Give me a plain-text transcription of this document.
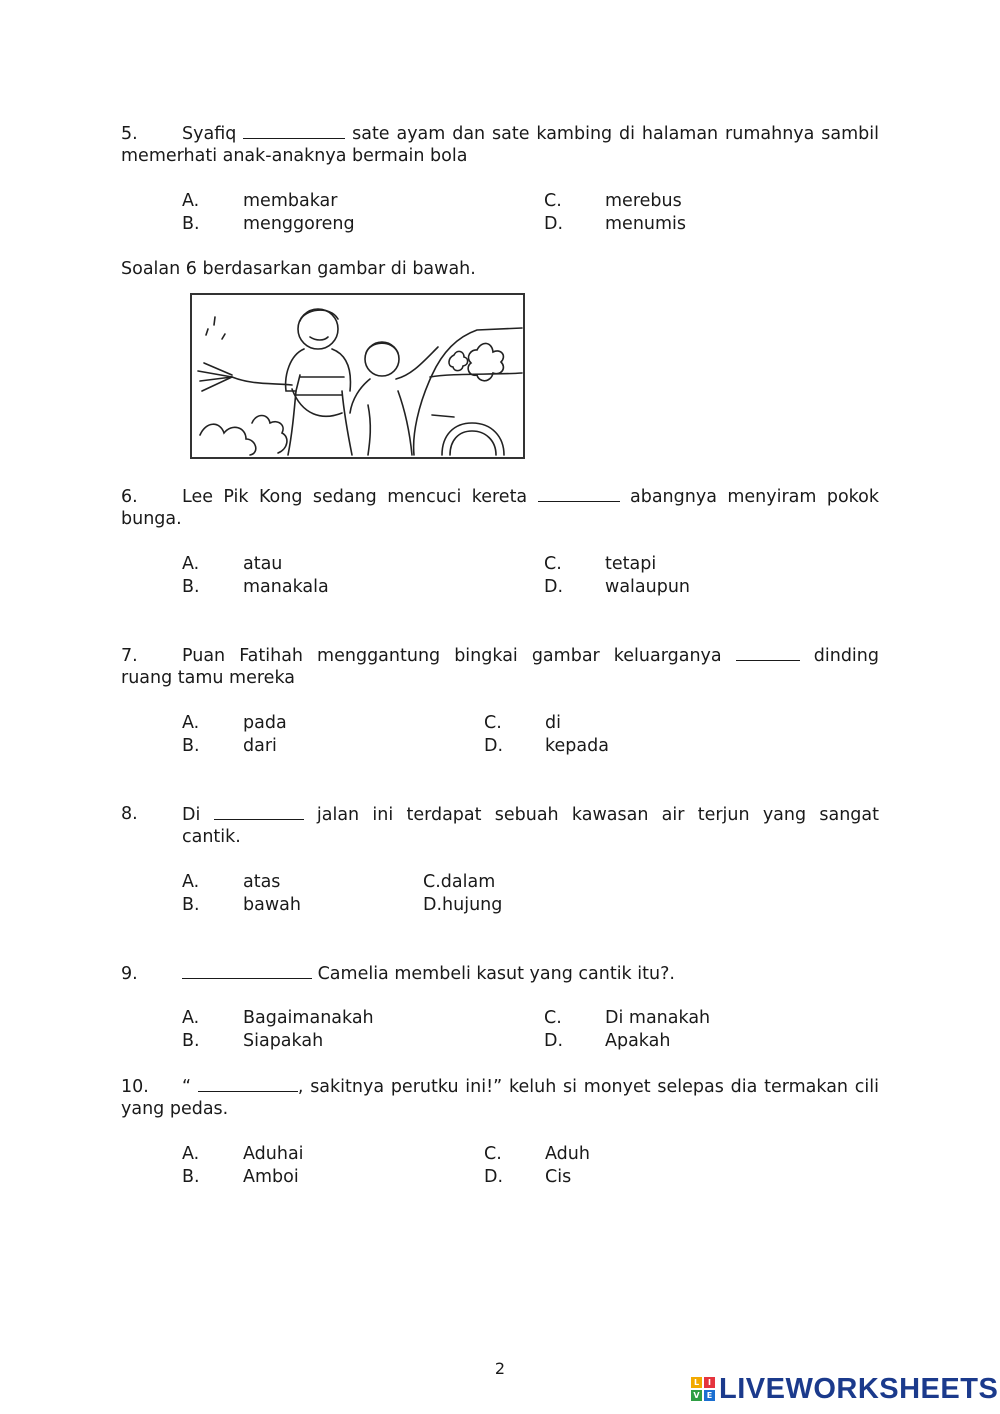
5.	Syafiq	sate ayam dan sate kambing di halaman rumahnya sambil
memerhati anak-anaknya bermain bola
A.	membakar
B. menggoreng
C. merebus
D. menumis
Soalan 6 berdasarkan gambar di bawah.
6.	Lee Pik Kong sedang mencuci kereta	abangnya menyiram pokok
bunga.
A.	atau
B. manakala
C. tetapi
D. walaupun
7.	Puan Fatihah menggantung bingkai gambar keluarganya	dinding
ruang tamu mereka
A.	pada
B. dari
C. di
D. kepada
8.	Di	jalan ini terdapat sebuah kawasan air terjun yang sangat
cantik.
A.	atas
B. bawah
C.dalam
D.hujung
9.	Camelia membeli kasut yang cantik itu?.
A.	Bagaimanakah
B. Siapakah
C. Di manakah
D. Apakah
10. “	, sakitnya perutku ini!” keluh si monyet selepas dia termakan cili
yang pedas.
A.	Aduhai
B. Amboi
C. Aduh
D. Cis
2
L	I
V E LIVEWORKSHEETS
